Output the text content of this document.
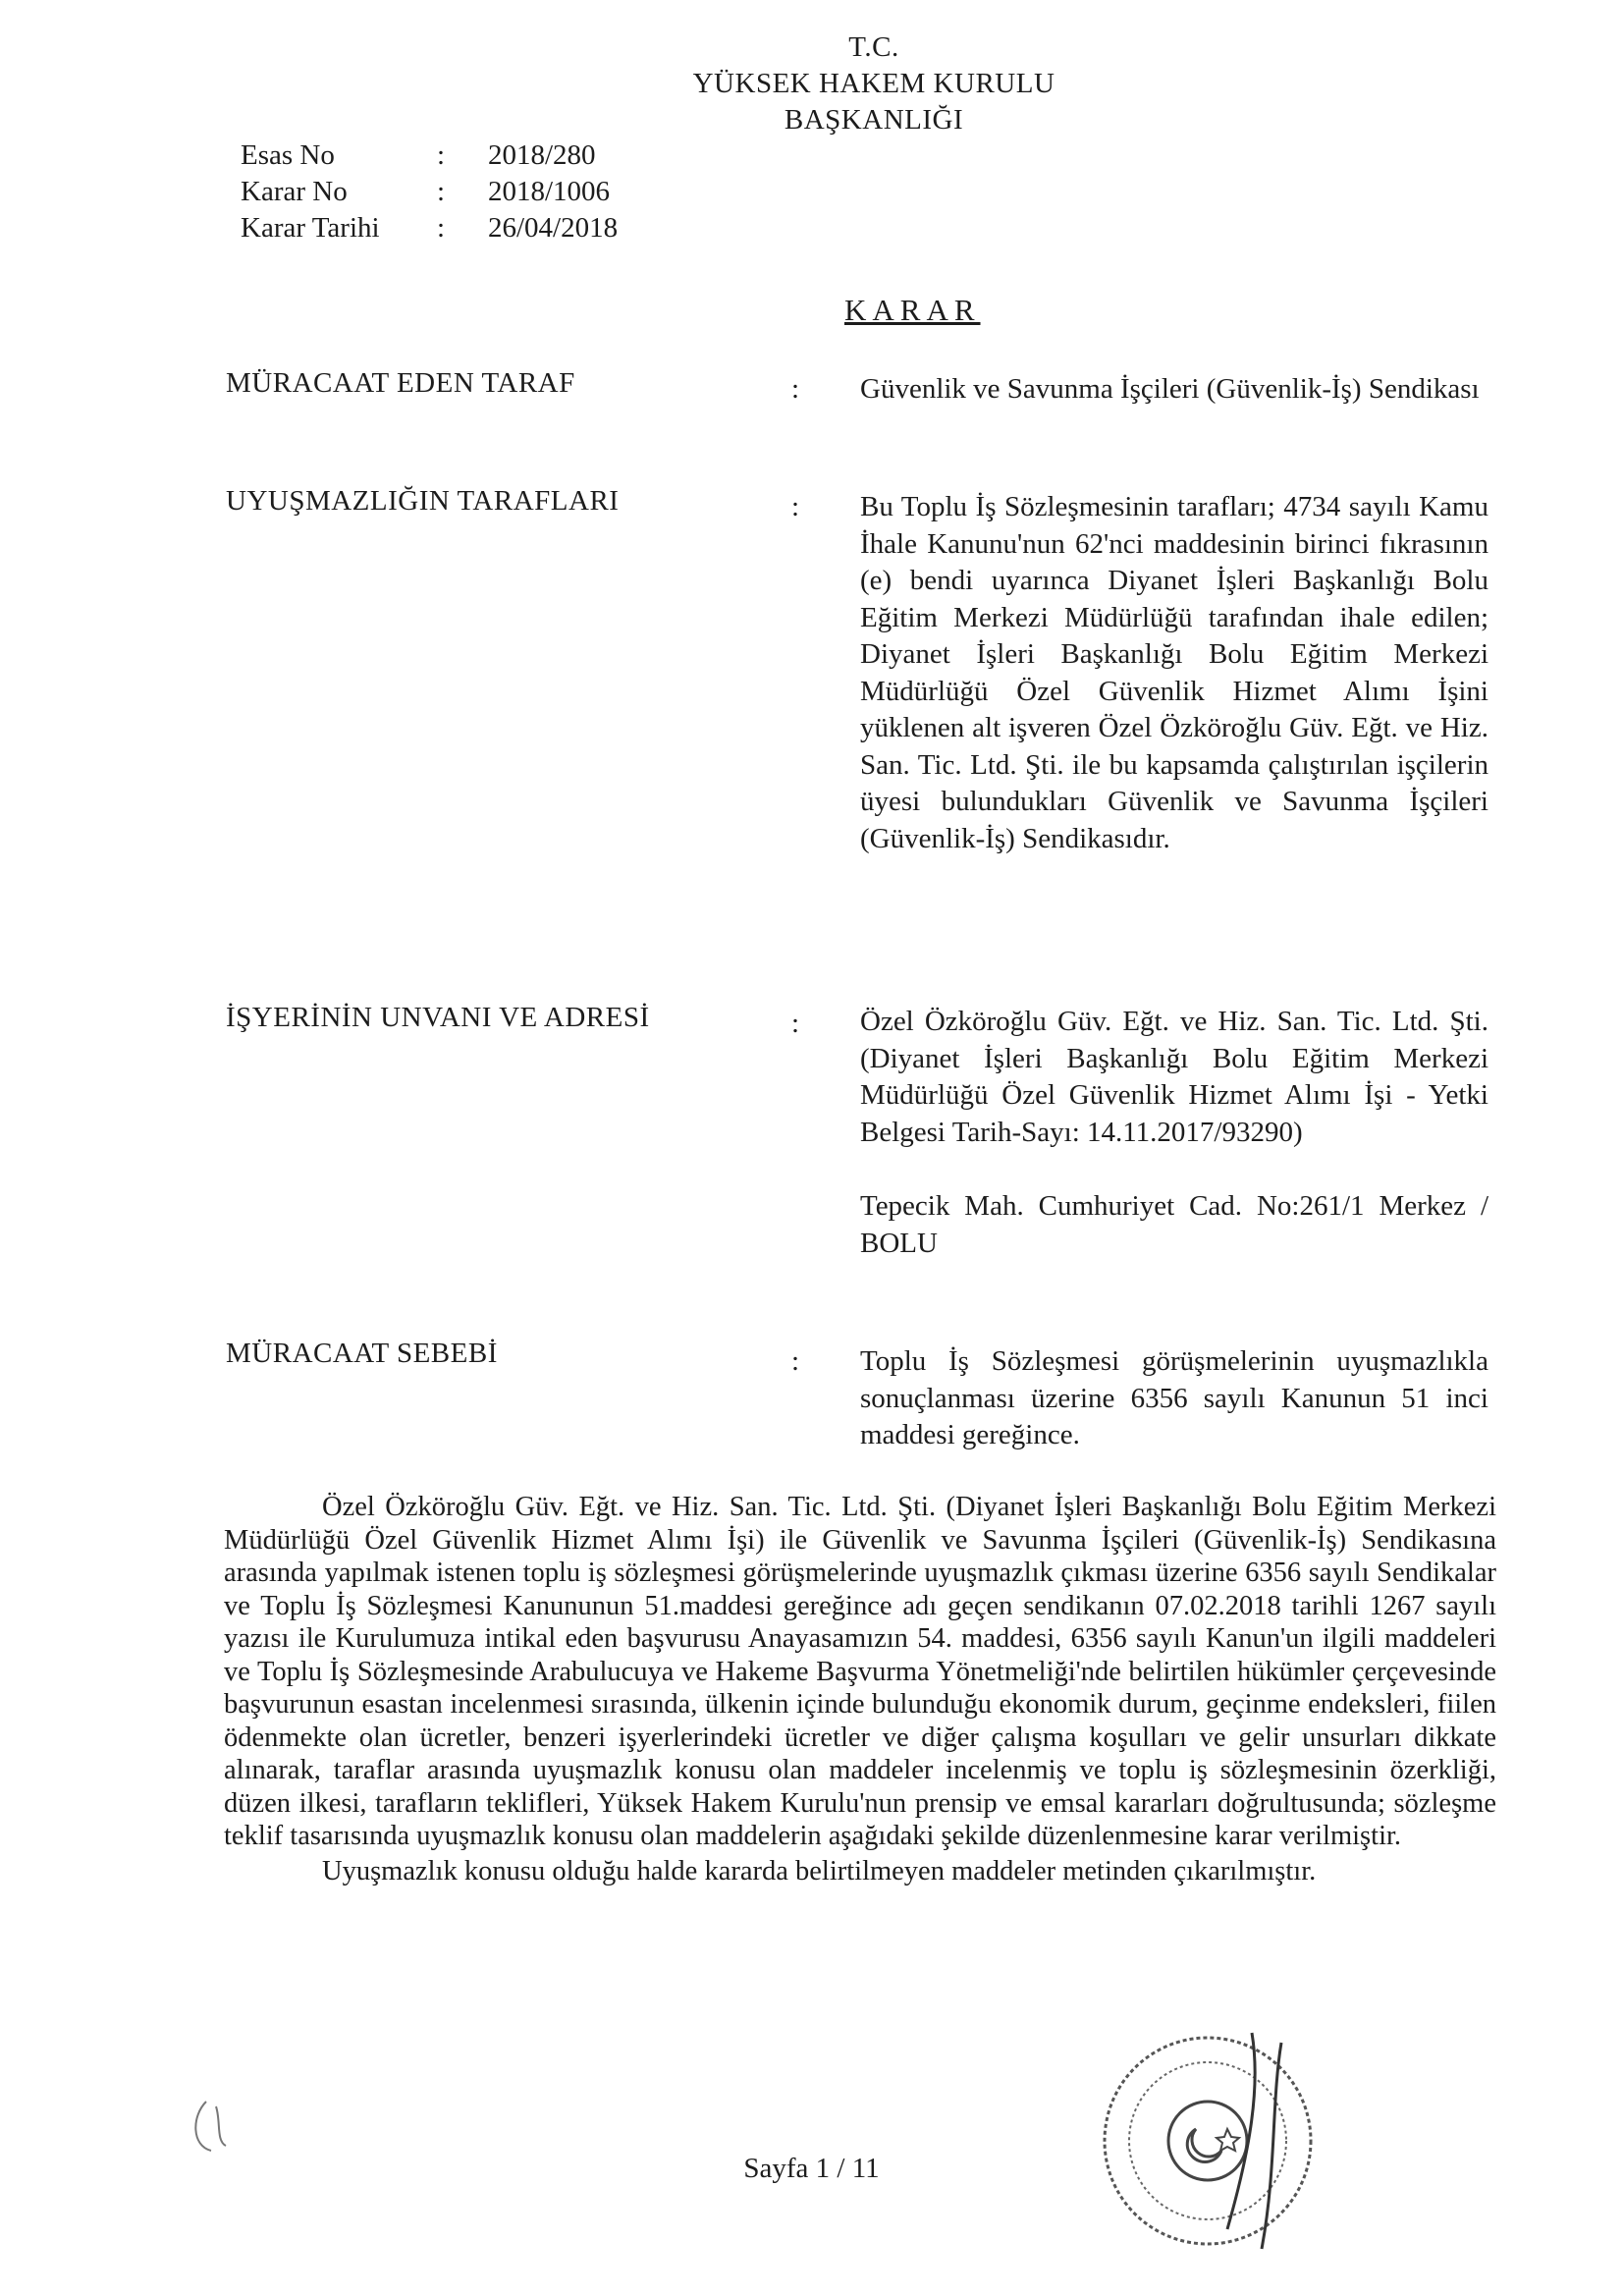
T.C.
YÜKSEK HAKEM KURULU
BAŞKANLIĞI
Esas No	:	2018/280
Karar No	:	2018/1006
Karar Tarihi	:	26/04/2018
KARAR
MÜRACAAT EDEN TARAF	: Güvenlik ve Savunma İşçileri (Güvenlik-İş) Sendikası
UYUŞMAZLIĞIN TARAFLARI	: Bu Toplu İş Sözleşmesinin tarafları; 4734 sayılı Kamu İhale Kanunu'nun 62'nci maddesinin birinci fıkrasının (e) bendi uyarınca Diyanet İşleri Başkanlığı Bolu Eğitim Merkezi Müdürlüğü tarafından ihale edilen; Diyanet İşleri Başkanlığı Bolu Eğitim Merkezi Müdürlüğü Özel Güvenlik Hizmet Alımı İşini yüklenen alt işveren Özel Özköroğlu Güv. Eğt. ve Hiz. San. Tic. Ltd. Şti. ile bu kapsamda çalıştırılan işçilerin üyesi bulundukları Güvenlik ve Savunma İşçileri (Güvenlik-İş) Sendikasıdır.
İŞYERİNİN UNVANI VE ADRESİ	: Özel Özköroğlu Güv. Eğt. ve Hiz. San. Tic. Ltd. Şti. (Diyanet İşleri Başkanlığı Bolu Eğitim Merkezi Müdürlüğü Özel Güvenlik Hizmet Alımı İşi - Yetki Belgesi Tarih-Sayı: 14.11.2017/93290)

Tepecik Mah. Cumhuriyet Cad. No:261/1 Merkez / BOLU

MÜRACAAT SEBEBİ	: Toplu İş Sözleşmesi görüşmelerinin uyuşmazlıkla sonuçlanması üzerine 6356 sayılı Kanunun 51 inci maddesi gereğince.

Özel Özköroğlu Güv. Eğt. ve Hiz. San. Tic. Ltd. Şti. (Diyanet İşleri Başkanlığı Bolu Eğitim Merkezi Müdürlüğü Özel Güvenlik Hizmet Alımı İşi) ile Güvenlik ve Savunma İşçileri (Güvenlik-İş) Sendikasına arasında yapılmak istenen toplu iş sözleşmesi görüşmelerinde uyuşmazlık çıkması üzerine 6356 sayılı Sendikalar ve Toplu İş Sözleşmesi Kanununun 51.maddesi gereğince adı geçen sendikanın 07.02.2018 tarihli 1267 sayılı yazısı ile Kurulumuza intikal eden başvurusu Anayasamızın 54. maddesi, 6356 sayılı Kanun'un ilgili maddeleri ve Toplu İş Sözleşmesinde Arabulucuya ve Hakeme Başvurma Yönetmeliği'nde belirtilen hükümler çerçevesinde başvurunun esastan incelenmesi sırasında, ülkenin içinde bulunduğu ekonomik durum, geçinme endeksleri, fiilen ödenmekte olan ücretler, benzeri işyerlerindeki ücretler ve diğer çalışma koşulları ve gelir unsurları dikkate alınarak, taraflar arasında uyuşmazlık konusu olan maddeler incelenmiş ve toplu iş sözleşmesinin özerkliği, düzen ilkesi, tarafların teklifleri, Yüksek Hakem Kurulu'nun prensip ve emsal kararları doğrultusunda; sözleşme teklif tasarısında uyuşmazlık konusu olan maddelerin aşağıdaki şekilde düzenlenmesine karar verilmiştir.

Uyuşmazlık konusu olduğu halde kararda belirtilmeyen maddeler metinden çıkarılmıştır.

Sayfa 1 / 11
